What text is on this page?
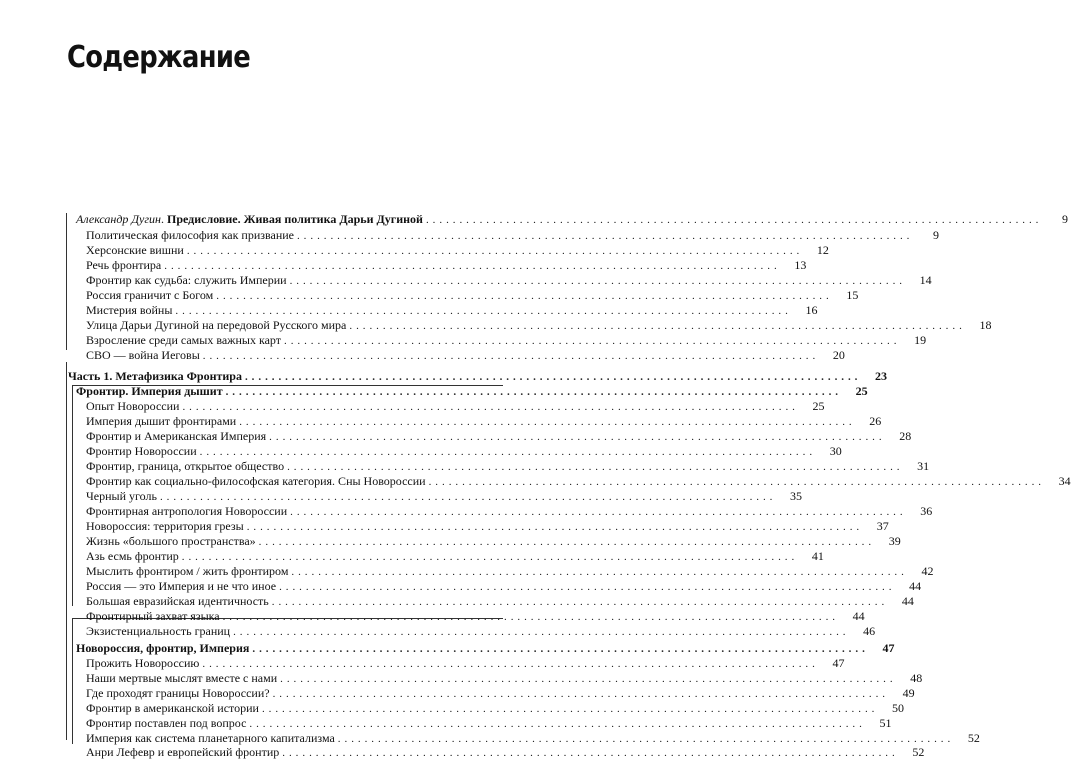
Содержание
Александр Дугин. Предисловие. Живая политика Дарьи Дугиной . . .	9
Политическая философия как призвание . . .	9
Херсонские вишни . . .	12
Речь фронтира . . .	13
Фронтир как судьба: служить Империи . . .	14
Россия граничит с Богом . . .	15
Мистерия войны . . .	16
Улица Дарьи Дугиной на передовой Русского мира . . .	18
Взросление среди самых важных карт . . .	19
СВО — война Иеговы . . .	20
Часть 1. Метафизика Фронтира . . .	23
Фронтир. Империя дышит . . .	25
Опыт Новороссии . . .	25
Империя дышит фронтирами . . .	26
Фронтир и Американская Империя . . .	28
Фронтир Новороссии . . .	30
Фронтир, граница, открытое общество . . .	31
Фронтир как социально-философская категория. Сны Новороссии . . .	34
Черный уголь . . .	35
Фронтирная антропология Новороссии . . .	36
Новороссия: территория грезы . . .	37
Жизнь «большого пространства» . . .	39
Азь есмь фронтир . . .	41
Мыслить фронтиром / жить фронтиром . . .	42
Россия — это Империя и не что иное . . .	44
Большая евразийская идентичность . . .	44
Фронтирный захват языка . . .	44
Экзистенциальность границ . . .	46
Новороссия, фронтир, Империя . . .	47
Прожить Новороссию . . .	47
Наши мертвые мыслят вместе с нами . . .	48
Где проходят границы Новороссии? . . .	49
Фронтир в американской истории . . .	50
Фронтир поставлен под вопрос . . .	51
Империя как система планетарного капитализма . . .	52
Анри Лефевр и европейский фронтир . . .	52
